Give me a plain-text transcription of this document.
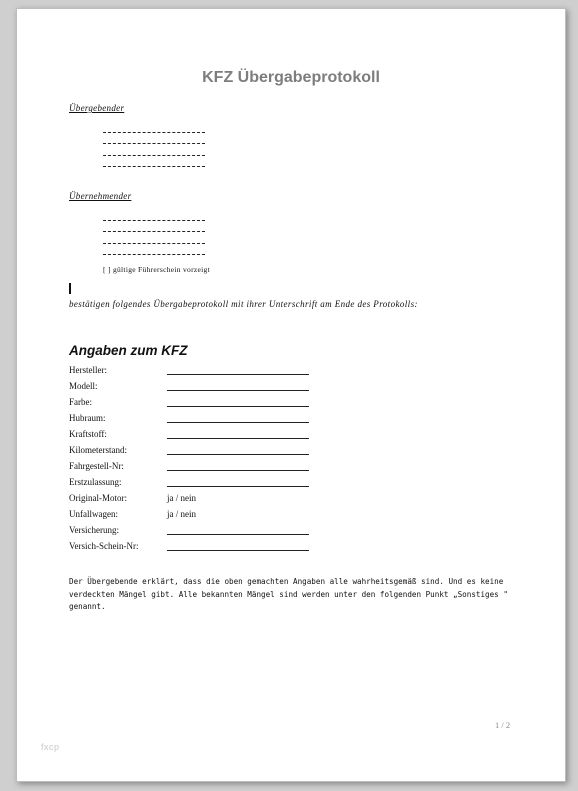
KFZ Übergabeprotokoll
Übergebender
Übernehmender
[ ] gültige Führerschein vorzeigt
bestätigen folgendes Übergabeprotokoll mit ihrer Unterschrift am Ende des Protokolls:
Angaben zum KFZ
Hersteller:
Modell:
Farbe:
Hubraum:
Kraftstoff:
Kilometerstand:
Fahrgestell-Nr:
Erstzulassung:
Original-Motor:	ja / nein
Unfallwagen:	ja / nein
Versicherung:
Versich-Schein-Nr:
Der Übergebende erklärt, dass die oben gemachten Angaben alle wahrheitsgemäß sind. Und es keine verdeckten Mängel gibt. Alle bekannten Mängel sind werden unter den folgenden Punkt „Sonstiges " genannt.
1 / 2
fxcp
